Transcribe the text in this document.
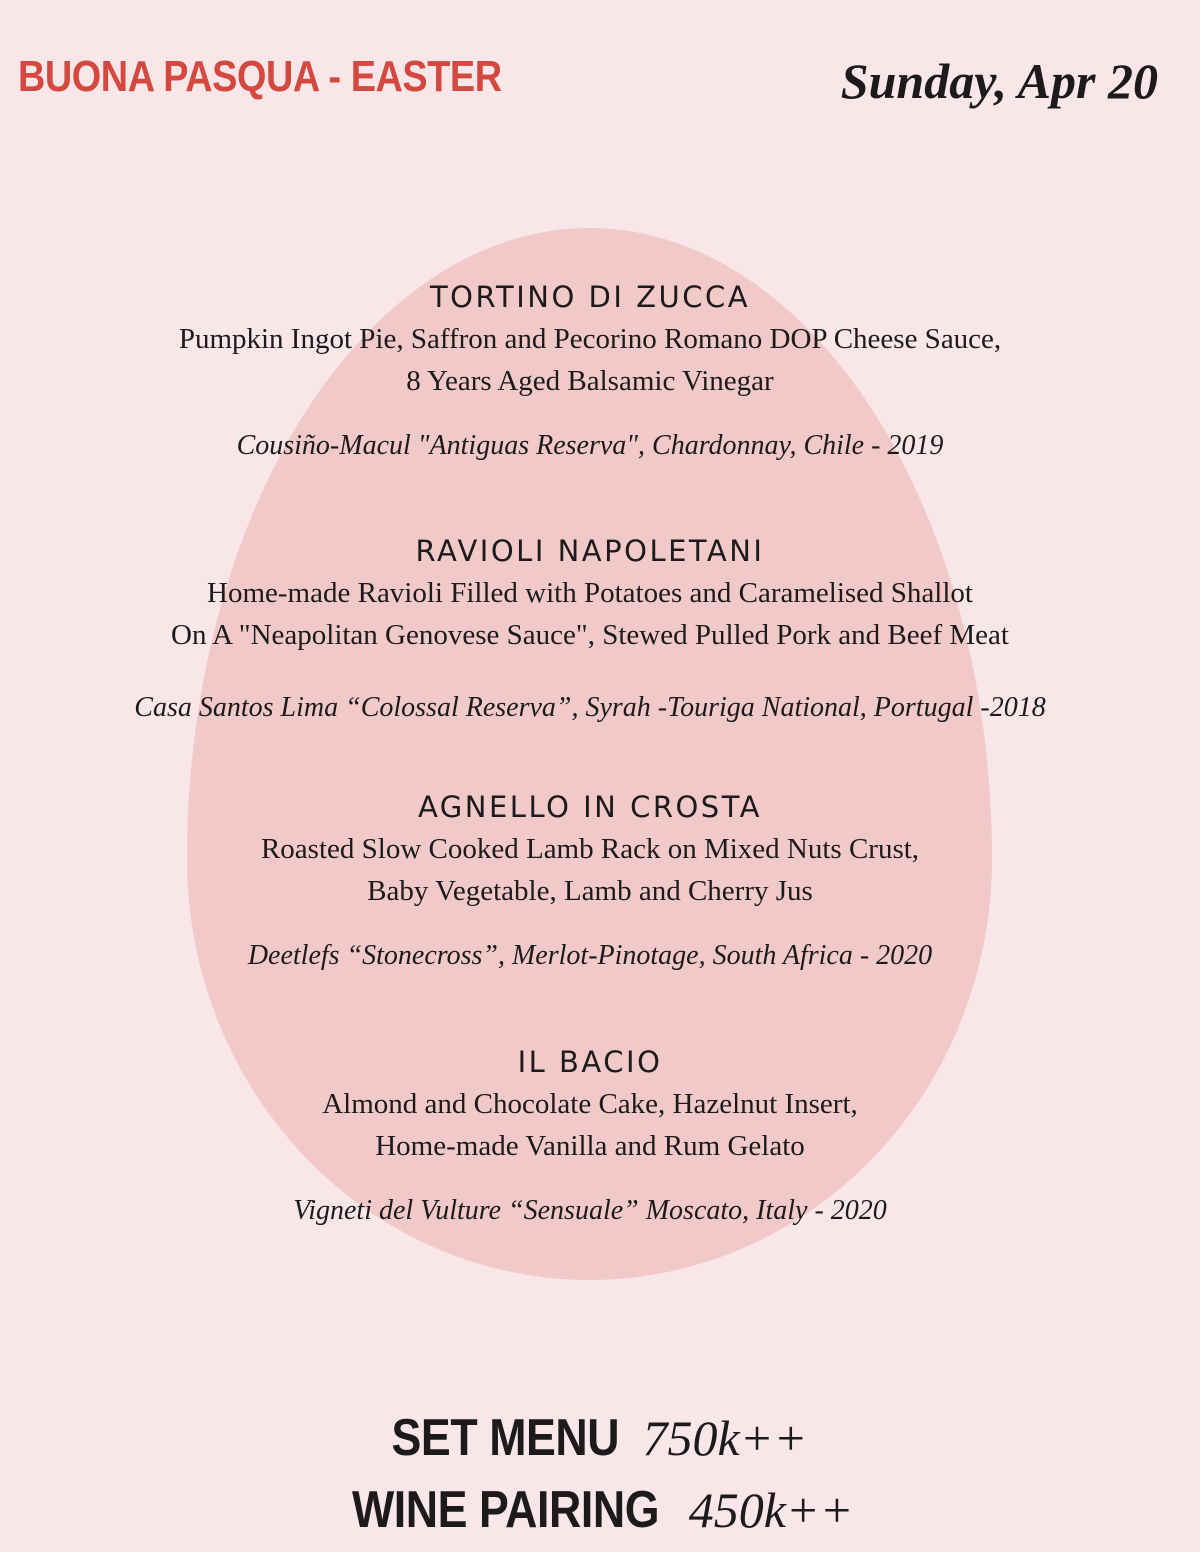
BUONA PASQUA - EASTER	Sunday, Apr 20
TORTINO DI ZUCCA
Pumpkin Ingot Pie, Saffron and Pecorino Romano DOP Cheese Sauce,
8 Years Aged Balsamic Vinegar
Cousiño-Macul "Antiguas Reserva", Chardonnay, Chile - 2019
RAVIOLI NAPOLETANI
Home-made Ravioli Filled with Potatoes and Caramelised Shallot
On A "Neapolitan Genovese Sauce", Stewed Pulled Pork and Beef Meat
Casa Santos Lima “Colossal Reserva”, Syrah -Touriga National, Portugal -2018
AGNELLO IN CROSTA
Roasted Slow Cooked Lamb Rack on Mixed Nuts Crust,
Baby Vegetable, Lamb and Cherry Jus
Deetlefs “Stonecross”, Merlot-Pinotage, South Africa - 2020
IL BACIO
Almond and Chocolate Cake, Hazelnut Insert,
Home-made Vanilla and Rum Gelato
Vigneti del Vulture “Sensuale” Moscato, Italy - 2020
SET MENU 750k++
WINE PAIRING 450k++
